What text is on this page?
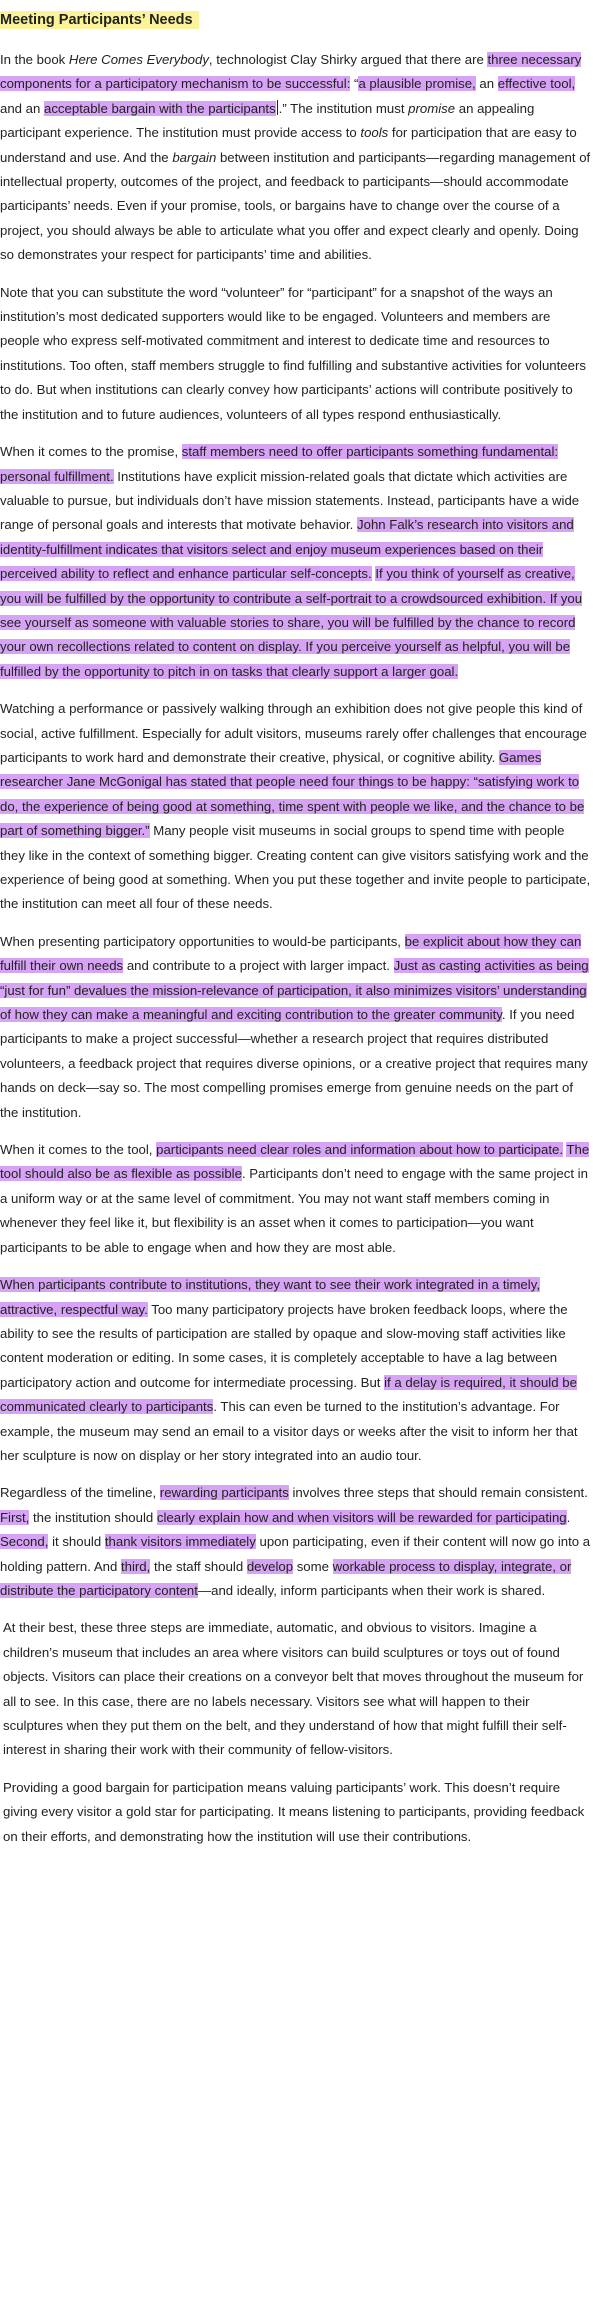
Meeting Participants’ Needs

In the book Here Comes Everybody, technologist Clay Shirky argued that there are three necessary components for a participatory mechanism to be successful: “a plausible promise, an effective tool, and an acceptable bargain with the participants .” The institution must promise an appealing participant experience. The institution must provide access to tools for participation that are easy to understand and use. And the bargain between institution and participants—regarding management of intellectual property, outcomes of the project, and feedback to participants—should accommodate participants’ needs. Even if your promise, tools, or bargains have to change over the course of a project, you should always be able to articulate what you offer and expect clearly and openly. Doing so demonstrates your respect for participants’ time and abilities.

Note that you can substitute the word “volunteer” for “participant” for a snapshot of the ways an institution’s most dedicated supporters would like to be engaged. Volunteers and members are people who express self-motivated commitment and interest to dedicate time and resources to institutions. Too often, staff members struggle to find fulfilling and substantive activities for volunteers to do. But when institutions can clearly convey how participants’ actions will contribute positively to the institution and to future audiences, volunteers of all types respond enthusiastically.

When it comes to the promise, staff members need to offer participants something fundamental: personal fulfillment. Institutions have explicit mission-related goals that dictate which activities are valuable to pursue, but individuals don’t have mission statements. Instead, participants have a wide range of personal goals and interests that motivate behavior. John Falk’s research into visitors and identity-fulfillment indicates that visitors select and enjoy museum experiences based on their perceived ability to reflect and enhance particular self-concepts. If you think of yourself as creative, you will be fulfilled by the opportunity to contribute a self-portrait to a crowdsourced exhibition. If you see yourself as someone with valuable stories to share, you will be fulfilled by the chance to record your own recollections related to content on display. If you perceive yourself as helpful, you will be fulfilled by the opportunity to pitch in on tasks that clearly support a larger goal.

Watching a performance or passively walking through an exhibition does not give people this kind of social, active fulfillment. Especially for adult visitors, museums rarely offer challenges that encourage participants to work hard and demonstrate their creative, physical, or cognitive ability. Games researcher Jane McGonigal has stated that people need four things to be happy: “satisfying work to do, the experience of being good at something, time spent with people we like, and the chance to be part of something bigger.” Many people visit museums in social groups to spend time with people they like in the context of something bigger. Creating content can give visitors satisfying work and the experience of being good at something. When you put these together and invite people to participate, the institution can meet all four of these needs.

When presenting participatory opportunities to would-be participants, be explicit about how they can fulfill their own needs and contribute to a project with larger impact. Just as casting activities as being “just for fun” devalues the mission-relevance of participation, it also minimizes visitors’ understanding of how they can make a meaningful and exciting contribution to the greater community. If you need participants to make a project successful—whether a research project that requires distributed volunteers, a feedback project that requires diverse opinions, or a creative project that requires many hands on deck—say so. The most compelling promises emerge from genuine needs on the part of the institution.

When it comes to the tool, participants need clear roles and information about how to participate. The tool should also be as flexible as possible. Participants don’t need to engage with the same project in a uniform way or at the same level of commitment. You may not want staff members coming in whenever they feel like it, but flexibility is an asset when it comes to participation—you want participants to be able to engage when and how they are most able.

When participants contribute to institutions, they want to see their work integrated in a timely, attractive, respectful way. Too many participatory projects have broken feedback loops, where the ability to see the results of participation are stalled by opaque and slow-moving staff activities like content moderation or editing. In some cases, it is completely acceptable to have a lag between participatory action and outcome for intermediate processing. But if a delay is required, it should be communicated clearly to participants. This can even be turned to the institution’s advantage. For example, the museum may send an email to a visitor days or weeks after the visit to inform her that her sculpture is now on display or her story integrated into an audio tour.

Regardless of the timeline, rewarding participants involves three steps that should remain consistent. First, the institution should clearly explain how and when visitors will be rewarded for participating. Second, it should thank visitors immediately upon participating, even if their content will now go into a holding pattern. And third, the staff should develop some workable process to display, integrate, or distribute the participatory content—and ideally, inform participants when their work is shared.

At their best, these three steps are immediate, automatic, and obvious to visitors. Imagine a children’s museum that includes an area where visitors can build sculptures or toys out of found objects. Visitors can place their creations on a conveyor belt that moves throughout the museum for all to see. In this case, there are no labels necessary. Visitors see what will happen to their sculptures when they put them on the belt, and they understand of how that might fulfill their self-interest in sharing their work with their community of fellow-visitors.

Providing a good bargain for participation means valuing participants’ work. This doesn’t require giving every visitor a gold star for participating. It means listening to participants, providing feedback on their efforts, and demonstrating how the institution will use their contributions.
